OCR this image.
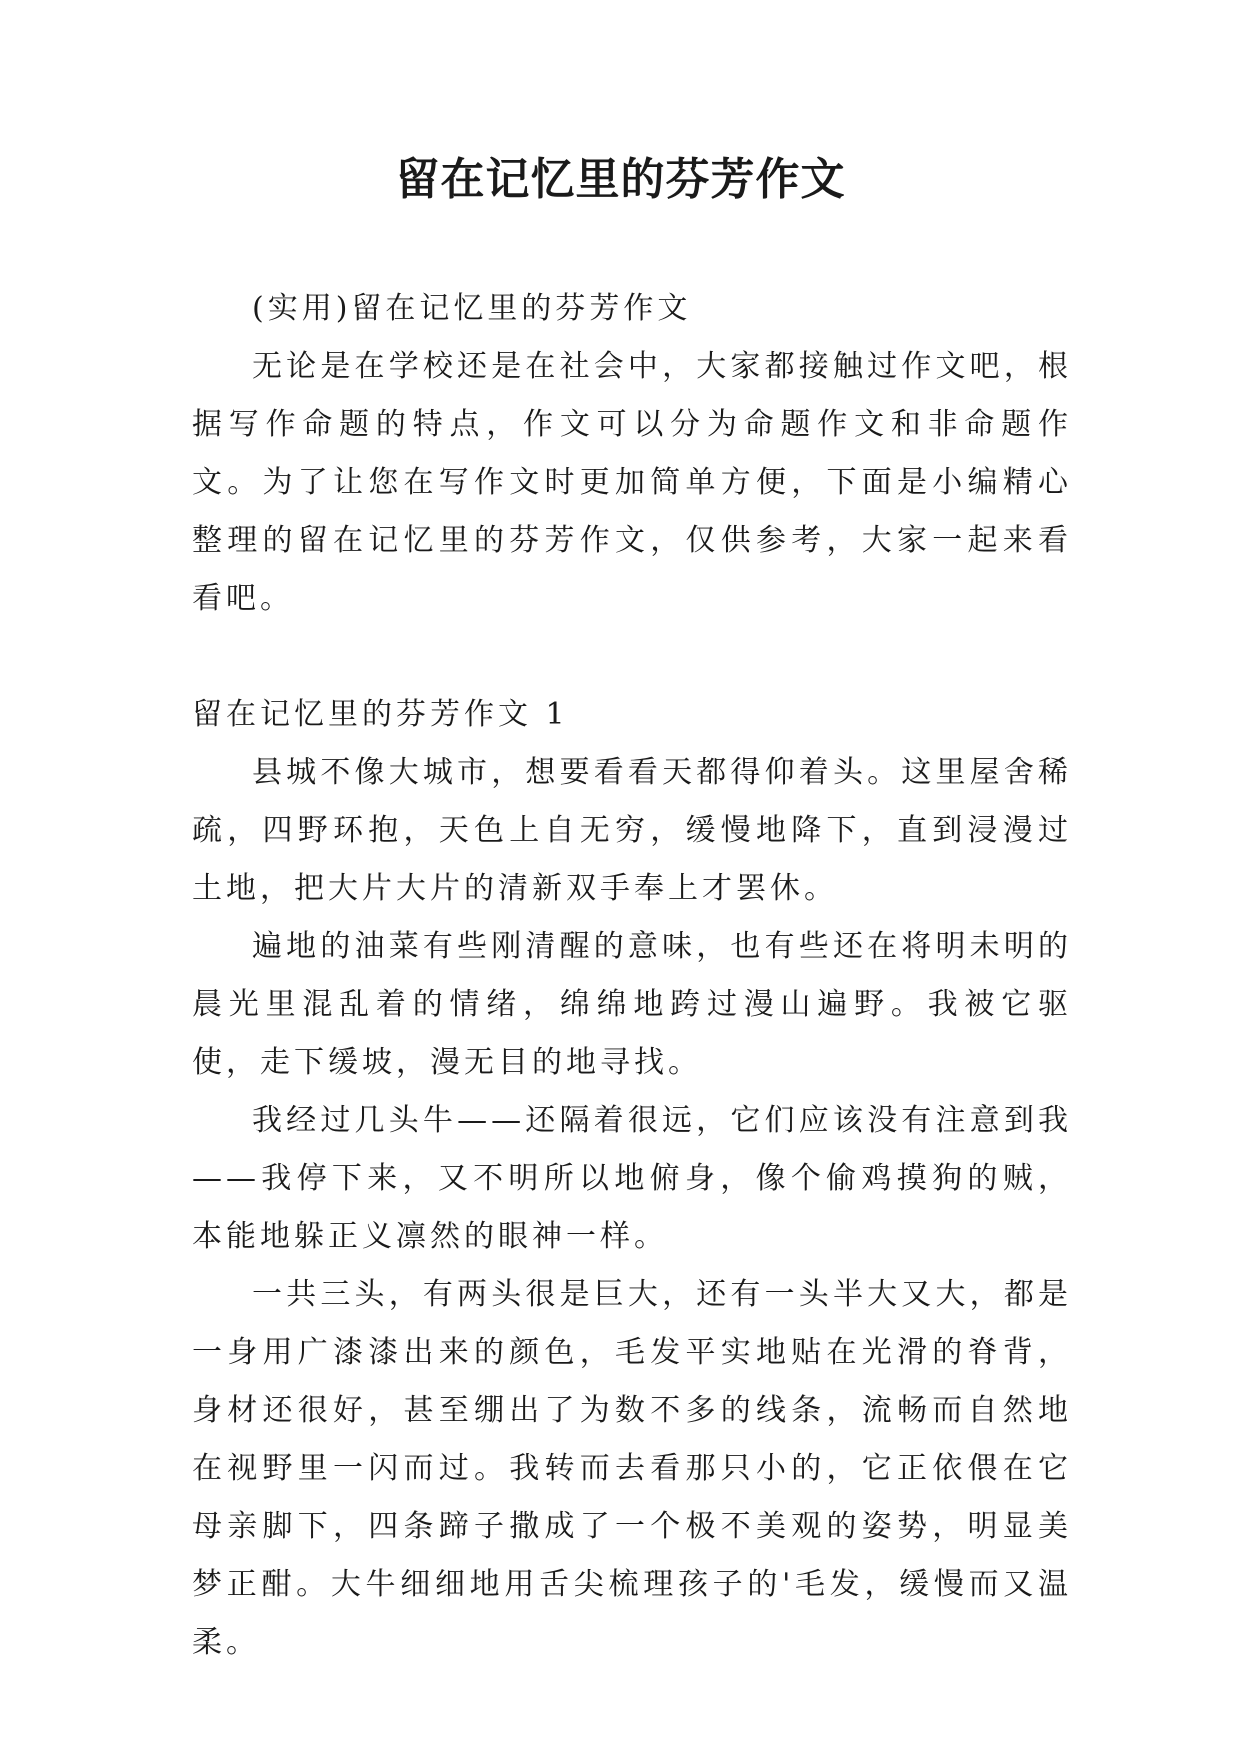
留在记忆里的芬芳作文

(实用)留在记忆里的芬芳作文

无论是在学校还是在社会中，大家都接触过作文吧，根据写作命题的特点，作文可以分为命题作文和非命题作文。为了让您在写作文时更加简单方便，下面是小编精心整理的留在记忆里的芬芳作文，仅供参考，大家一起来看看吧。

留在记忆里的芬芳作文 1

县城不像大城市，想要看看天都得仰着头。这里屋舍稀疏，四野环抱，天色上自无穷，缓慢地降下，直到浸漫过土地，把大片大片的清新双手奉上才罢休。

遍地的油菜有些刚清醒的意味，也有些还在将明未明的晨光里混乱着的情绪，绵绵地跨过漫山遍野。我被它驱使，走下缓坡，漫无目的地寻找。

我经过几头牛——还隔着很远，它们应该没有注意到我——我停下来，又不明所以地俯身，像个偷鸡摸狗的贼，本能地躲正义凛然的眼神一样。

一共三头，有两头很是巨大，还有一头半大又大，都是一身用广漆漆出来的颜色，毛发平实地贴在光滑的脊背，身材还很好，甚至绷出了为数不多的线条，流畅而自然地在视野里一闪而过。我转而去看那只小的，它正依偎在它母亲脚下，四条蹄子撒成了一个极不美观的姿势，明显美梦正酣。大牛细细地用舌尖梳理孩子的'毛发，缓慢而又温柔。
